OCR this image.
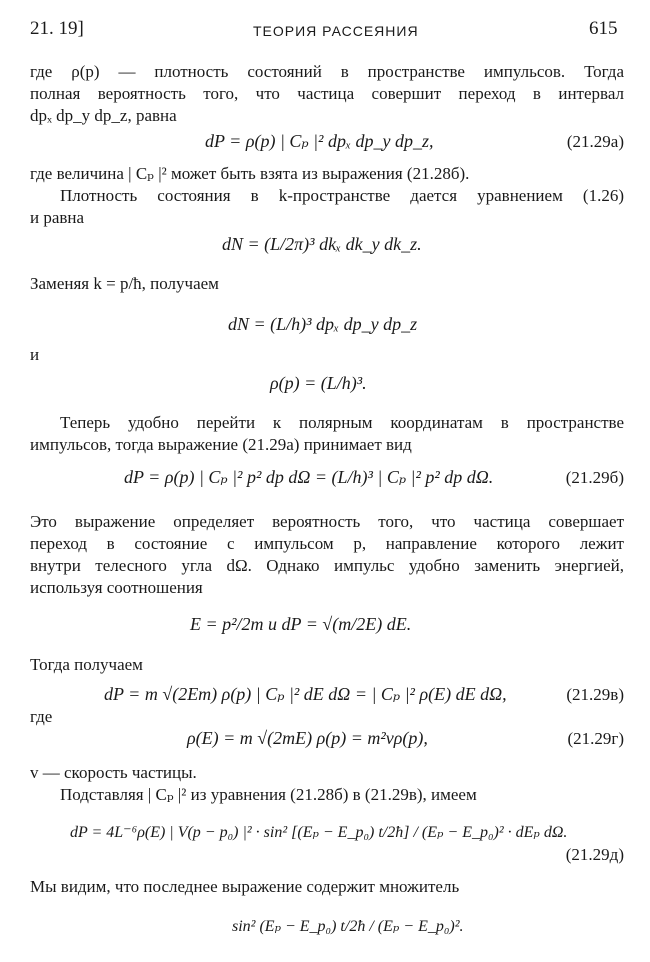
21. 19]	ТЕОРИЯ РАССЕЯНИЯ	615
где ρ(p) — плотность состояний в пространстве импульсов. Тогда
полная вероятность того, что частица совершит переход в интервал
dpₓ dp_y dp_z, равна
dP = ρ(p) | Cₚ |² dpₓ dp_y dp_z,	(21.29а)
где величина | Cₚ |² может быть взята из выражения (21.28б).
Плотность состояния в k-пространстве дается уравнением (1.26)
и равна
dN = (L/2π)³ dkₓ dk_y dk_z.
Заменяя k = p/ħ, получаем
dN = (L/h)³ dpₓ dp_y dp_z
и
ρ(p) = (L/h)³.
Теперь удобно перейти к полярным координатам в пространстве
импульсов, тогда выражение (21.29а) принимает вид
dP = ρ(p) | Cₚ |² p² dp dΩ = (L/h)³ | Cₚ |² p² dp dΩ.	(21.29б)
Это выражение определяет вероятность того, что частица совершает
переход в состояние с импульсом p, направление которого лежит
внутри телесного угла dΩ. Однако импульс удобно заменить энергией,
используя соотношения
E = p²/2m и dP = √(m/2E) dE.
Тогда получаем
dP = m √(2Em) ρ(p) | Cₚ |² dE dΩ = | Cₚ |² ρ(E) dE dΩ,	(21.29в)
где
ρ(E) = m √(2mE) ρ(p) = m²vρ(p),	(21.29г)
v — скорость частицы.
Подставляя | Cₚ |² из уравнения (21.28б) в (21.29в), имеем
dP = 4L⁻⁶ρ(E) | V(p − p₀) |² · sin² [(Eₚ − E_p₀) t/2ħ] / (Eₚ − E_p₀)² · dEₚ dΩ.
(21.29д)
Мы видим, что последнее выражение содержит множитель
sin² (Eₚ − E_p₀) t/2ħ / (Eₚ − E_p₀)².
